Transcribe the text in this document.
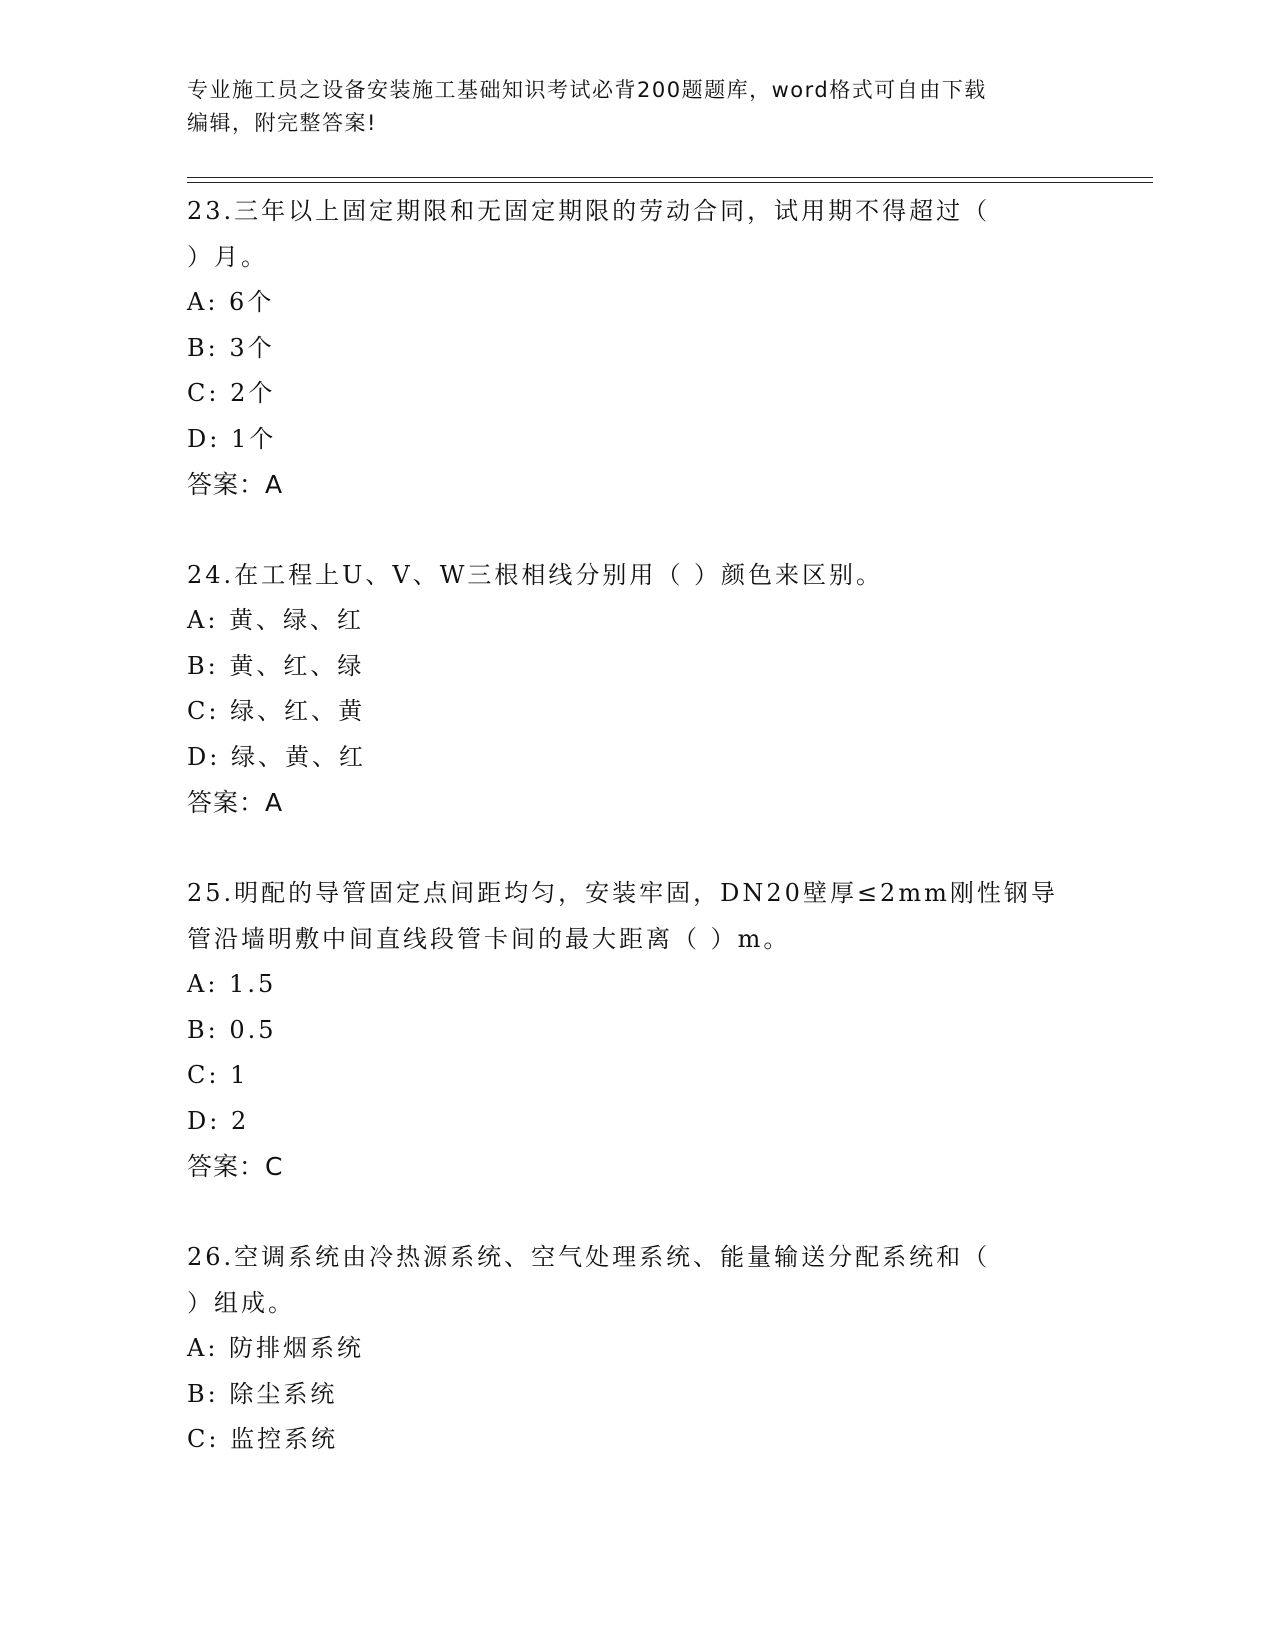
专业施工员之设备安装施工基础知识考试必背200题题库，word格式可自由下载
编辑，附完整答案!

23.三年以上固定期限和无固定期限的劳动合同，试用期不得超过（

）月。

A: 6个

B: 3个

C: 2个

D: 1个

答案：A

24.在工程上U、V、W三根相线分别用（ ）颜色来区别。

A: 黄、绿、红

B: 黄、红、绿

C: 绿、红、黄

D: 绿、黄、红

答案：A

25.明配的导管固定点间距均匀，安装牢固，DN20壁厚≤2mm刚性钢导

管沿墙明敷中间直线段管卡间的最大距离（ ）m。

A: 1.5

B: 0.5

C: 1

D: 2

答案：C

26.空调系统由冷热源系统、空气处理系统、能量输送分配系统和（

）组成。

A: 防排烟系统

B: 除尘系统

C: 监控系统
